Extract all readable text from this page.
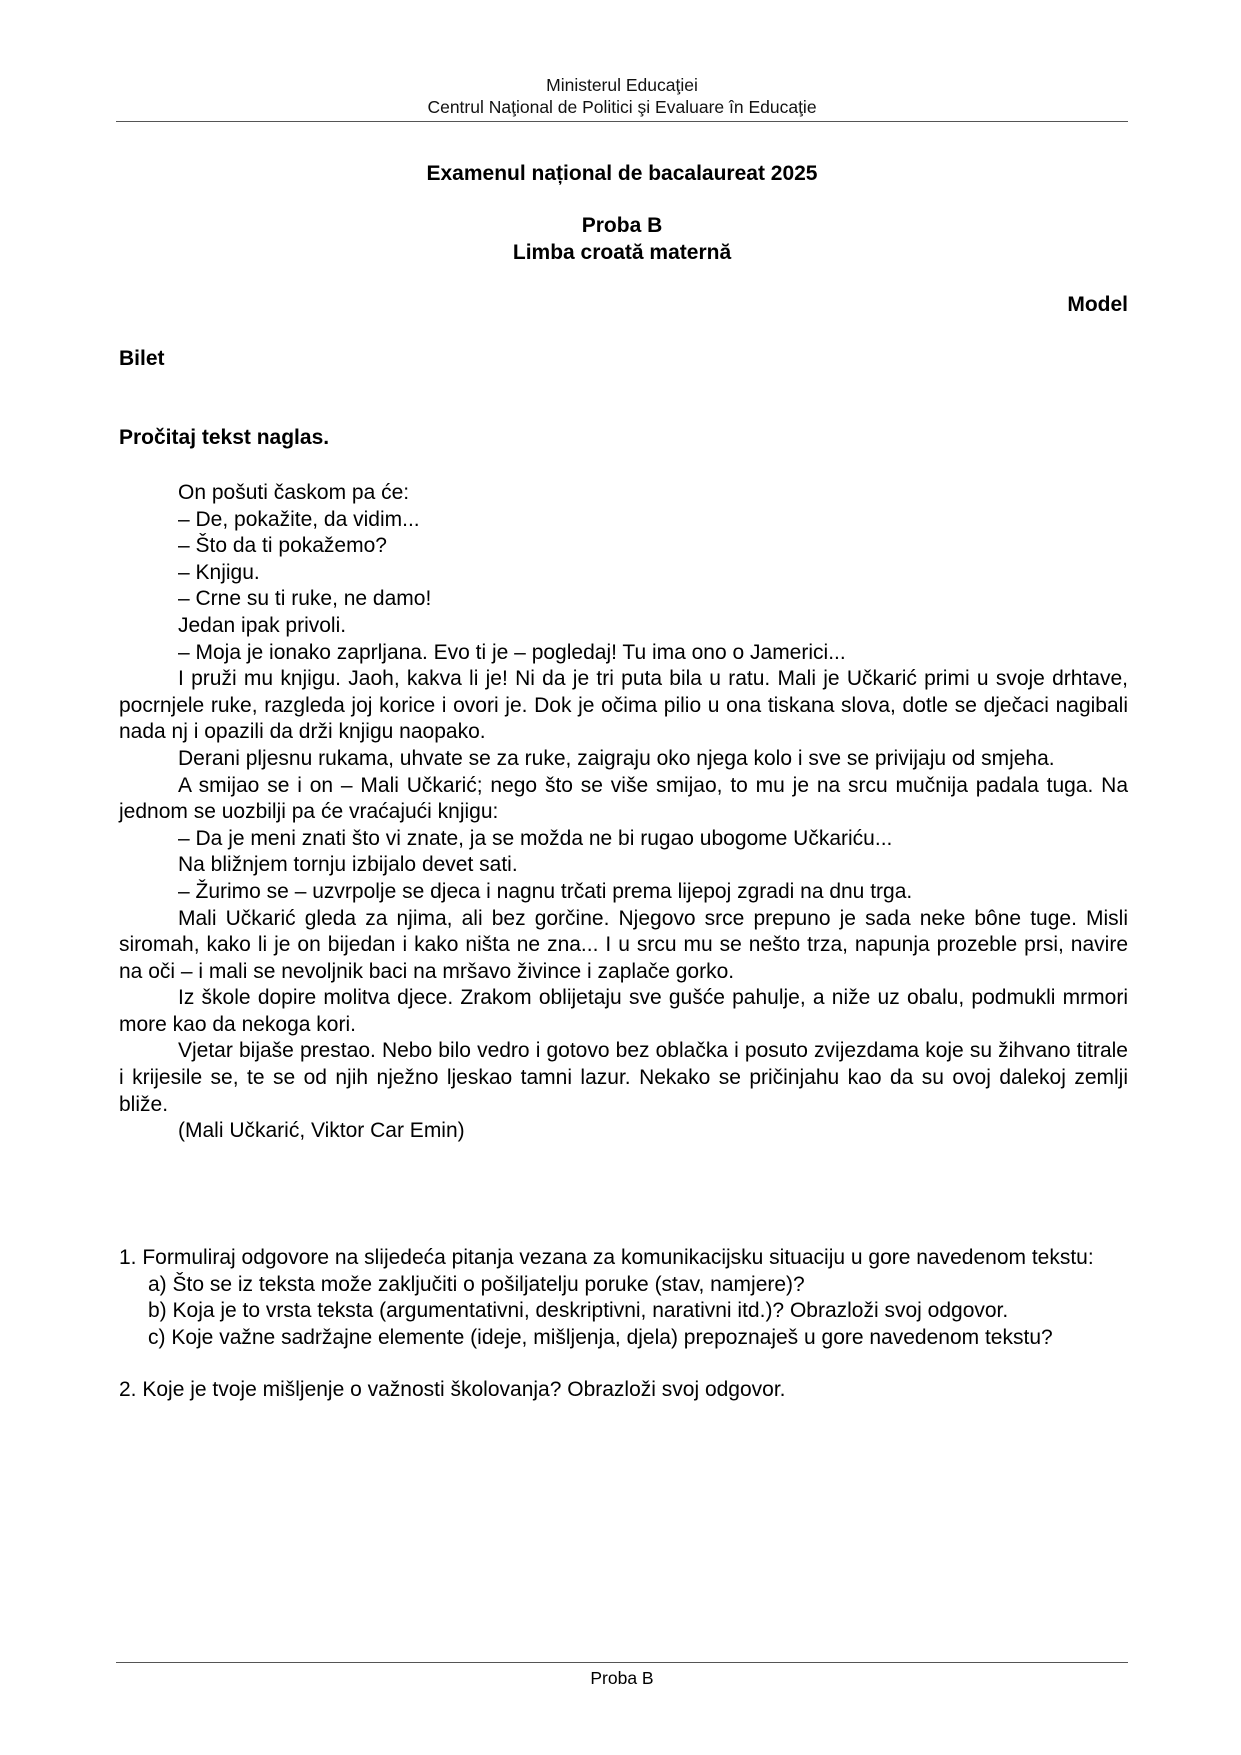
Ministerul Educaţiei
Centrul Naţional de Politici şi Evaluare în Educaţie
Examenul național de bacalaureat 2025
Proba B
Limba croată maternă
Model
Bilet
Pročitaj tekst naglas.

On pošuti časkom pa će:

– De, pokažite, da vidim...

– Što da ti pokažemo?

– Knjigu.

– Crne su ti ruke, ne damo!

Jedan ipak privoli.

– Moja je ionako zaprljana. Evo ti je – pogledaj! Tu ima ono o Jamerici...

I pruži mu knjigu. Jaoh, kakva li je! Ni da je tri puta bila u ratu. Mali je Učkarić primi u svoje drhtave, pocrnjele ruke, razgleda joj korice i ovori je. Dok je očima pilio u ona tiskana slova, dotle se dječaci nagibali nada nj i opazili da drži knjigu naopako.

Derani pljesnu rukama, uhvate se za ruke, zaigraju oko njega kolo i sve se privijaju od smjeha.

A smijao se i on – Mali Učkarić; nego što se više smijao, to mu je na srcu mučnija padala tuga. Na jednom se uozbilji pa će vraćajući knjigu:

– Da je meni znati što vi znate, ja se možda ne bi rugao ubogome Učkariću...

Na bližnjem tornju izbijalo devet sati.

– Žurimo se – uzvrpolje se djeca i nagnu trčati prema lijepoj zgradi na dnu trga.

Mali Učkarić gleda za njima, ali bez gorčine. Njegovo srce prepuno je sada neke bône tuge. Misli siromah, kako li je on bijedan i kako ništa ne zna... I u srcu mu se nešto trza, napunja prozeble prsi, navire na oči – i mali se nevoljnik baci na mršavo živince i zaplače gorko.

Iz škole dopire molitva djece. Zrakom oblijetaju sve gušće pahulje, a niže uz obalu, podmukli mrmori more kao da nekoga kori.

Vjetar bijaše prestao. Nebo bilo vedro i gotovo bez oblačka i posuto zvijezdama koje su žihvano titrale i krijesile se, te se od njih nježno ljeskao tamni lazur. Nekako se pričinjahu kao da su ovoj dalekoj zemlji bliže.

(Mali Učkarić, Viktor Car Emin)

1. Formuliraj odgovore na slijedeća pitanja vezana za komunikacijsku situaciju u gore navedenom tekstu:

a) Što se iz teksta može zaključiti o pošiljatelju poruke (stav, namjere)?

b) Koja je to vrsta teksta (argumentativni, deskriptivni, narativni itd.)? Obrazloži svoj odgovor.

c) Koje važne sadržajne elemente (ideje, mišljenja, djela) prepoznaješ u gore navedenom tekstu?

2. Koje je tvoje mišljenje o važnosti školovanja? Obrazloži svoj odgovor.

Proba B
